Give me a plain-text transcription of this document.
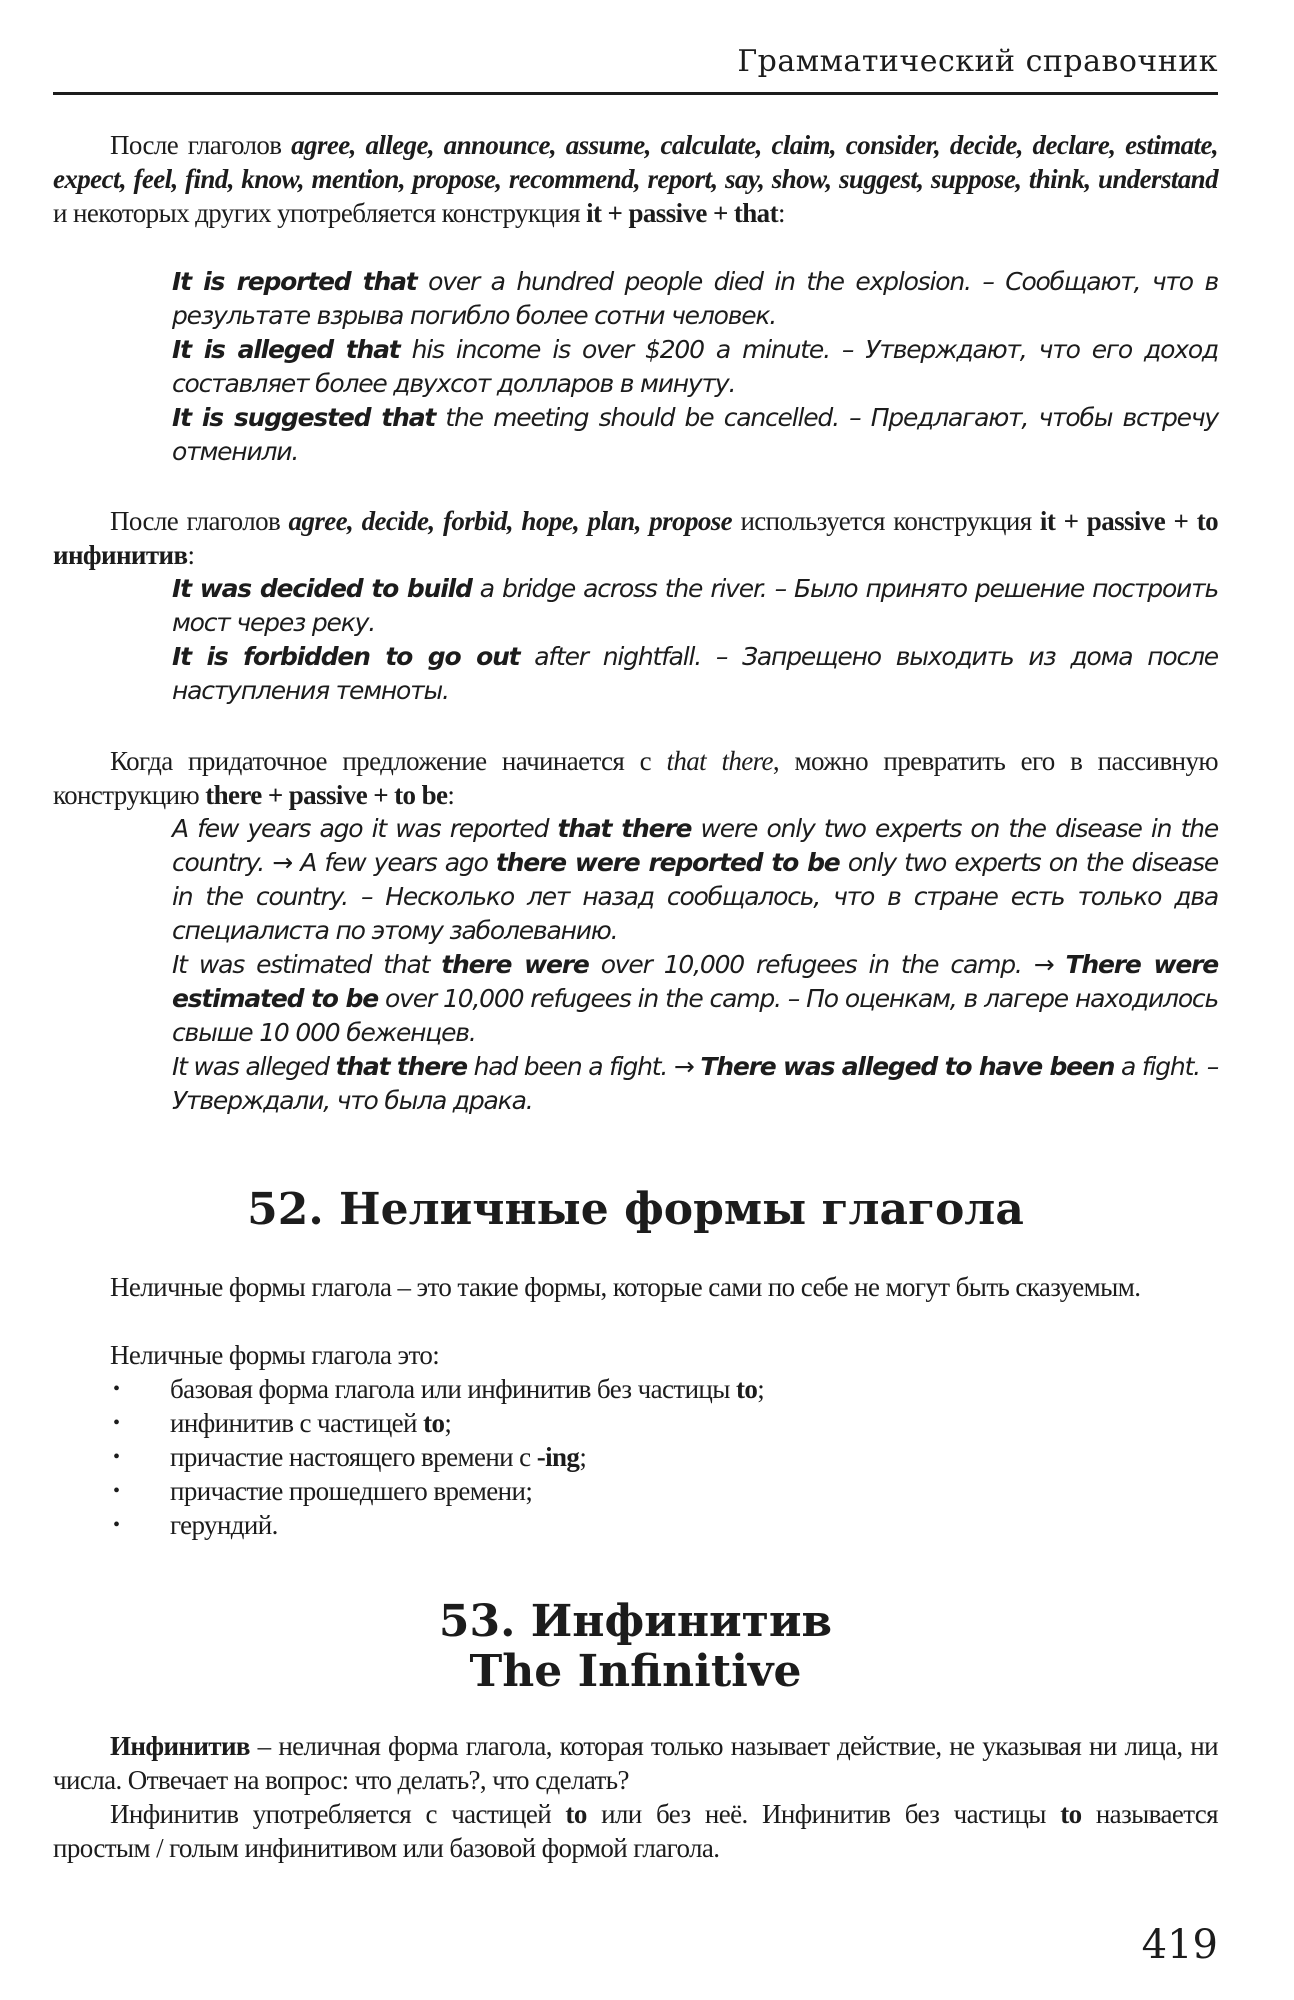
Грамматический справочник
После глаголов agree, allege, announce, assume, calculate, claim, consider, decide, declare, estimate, expect, feel, find, know, mention, propose, recommend, report, say, show, suggest, suppose, think, understand и некоторых других употребляется конструкция it + passive + that:
It is reported that over a hundred people died in the explosion. – Сообщают, что в результате взрыва погибло более сотни человек.
It is alleged that his income is over $200 a minute. – Утверждают, что его доход составляет более двухсот долларов в минуту.
It is suggested that the meeting should be cancelled. – Предлагают, чтобы встречу отменили.
После глаголов agree, decide, forbid, hope, plan, propose используется конструкция it + passive + to инфинитив:
It was decided to build a bridge across the river. – Было принято решение построить мост через реку.
It is forbidden to go out after nightfall. – Запрещено выходить из дома после наступления темноты.
Когда придаточное предложение начинается с that there, можно превратить его в пассивную конструкцию there + passive + to be:
A few years ago it was reported that there were only two experts on the disease in the country. → A few years ago there were reported to be only two experts on the disease in the country. – Несколько лет назад сообщалось, что в стране есть только два специалиста по этому заболеванию.
It was estimated that there were over 10,000 refugees in the camp. → There were estimated to be over 10,000 refugees in the camp. – По оценкам, в лагере находилось свыше 10 000 беженцев.
It was alleged that there had been a fight. → There was alleged to have been a fight. – Утверждали, что была драка.
52. Неличные формы глагола
Неличные формы глагола – это такие формы, которые сами по себе не могут быть сказуемым.
Неличные формы глагола это:
• базовая форма глагола или инфинитив без частицы to;
• инфинитив с частицей to;
• причастие настоящего времени с -ing;
• причастие прошедшего времени;
• герундий.
53. Инфинитив
The Infinitive
Инфинитив – неличная форма глагола, которая только называет действие, не указывая ни лица, ни числа. Отвечает на вопрос: что делать?, что сделать?
Инфинитив употребляется с частицей to или без неё. Инфинитив без частицы to называется простым / голым инфинитивом или базовой формой глагола.
419
